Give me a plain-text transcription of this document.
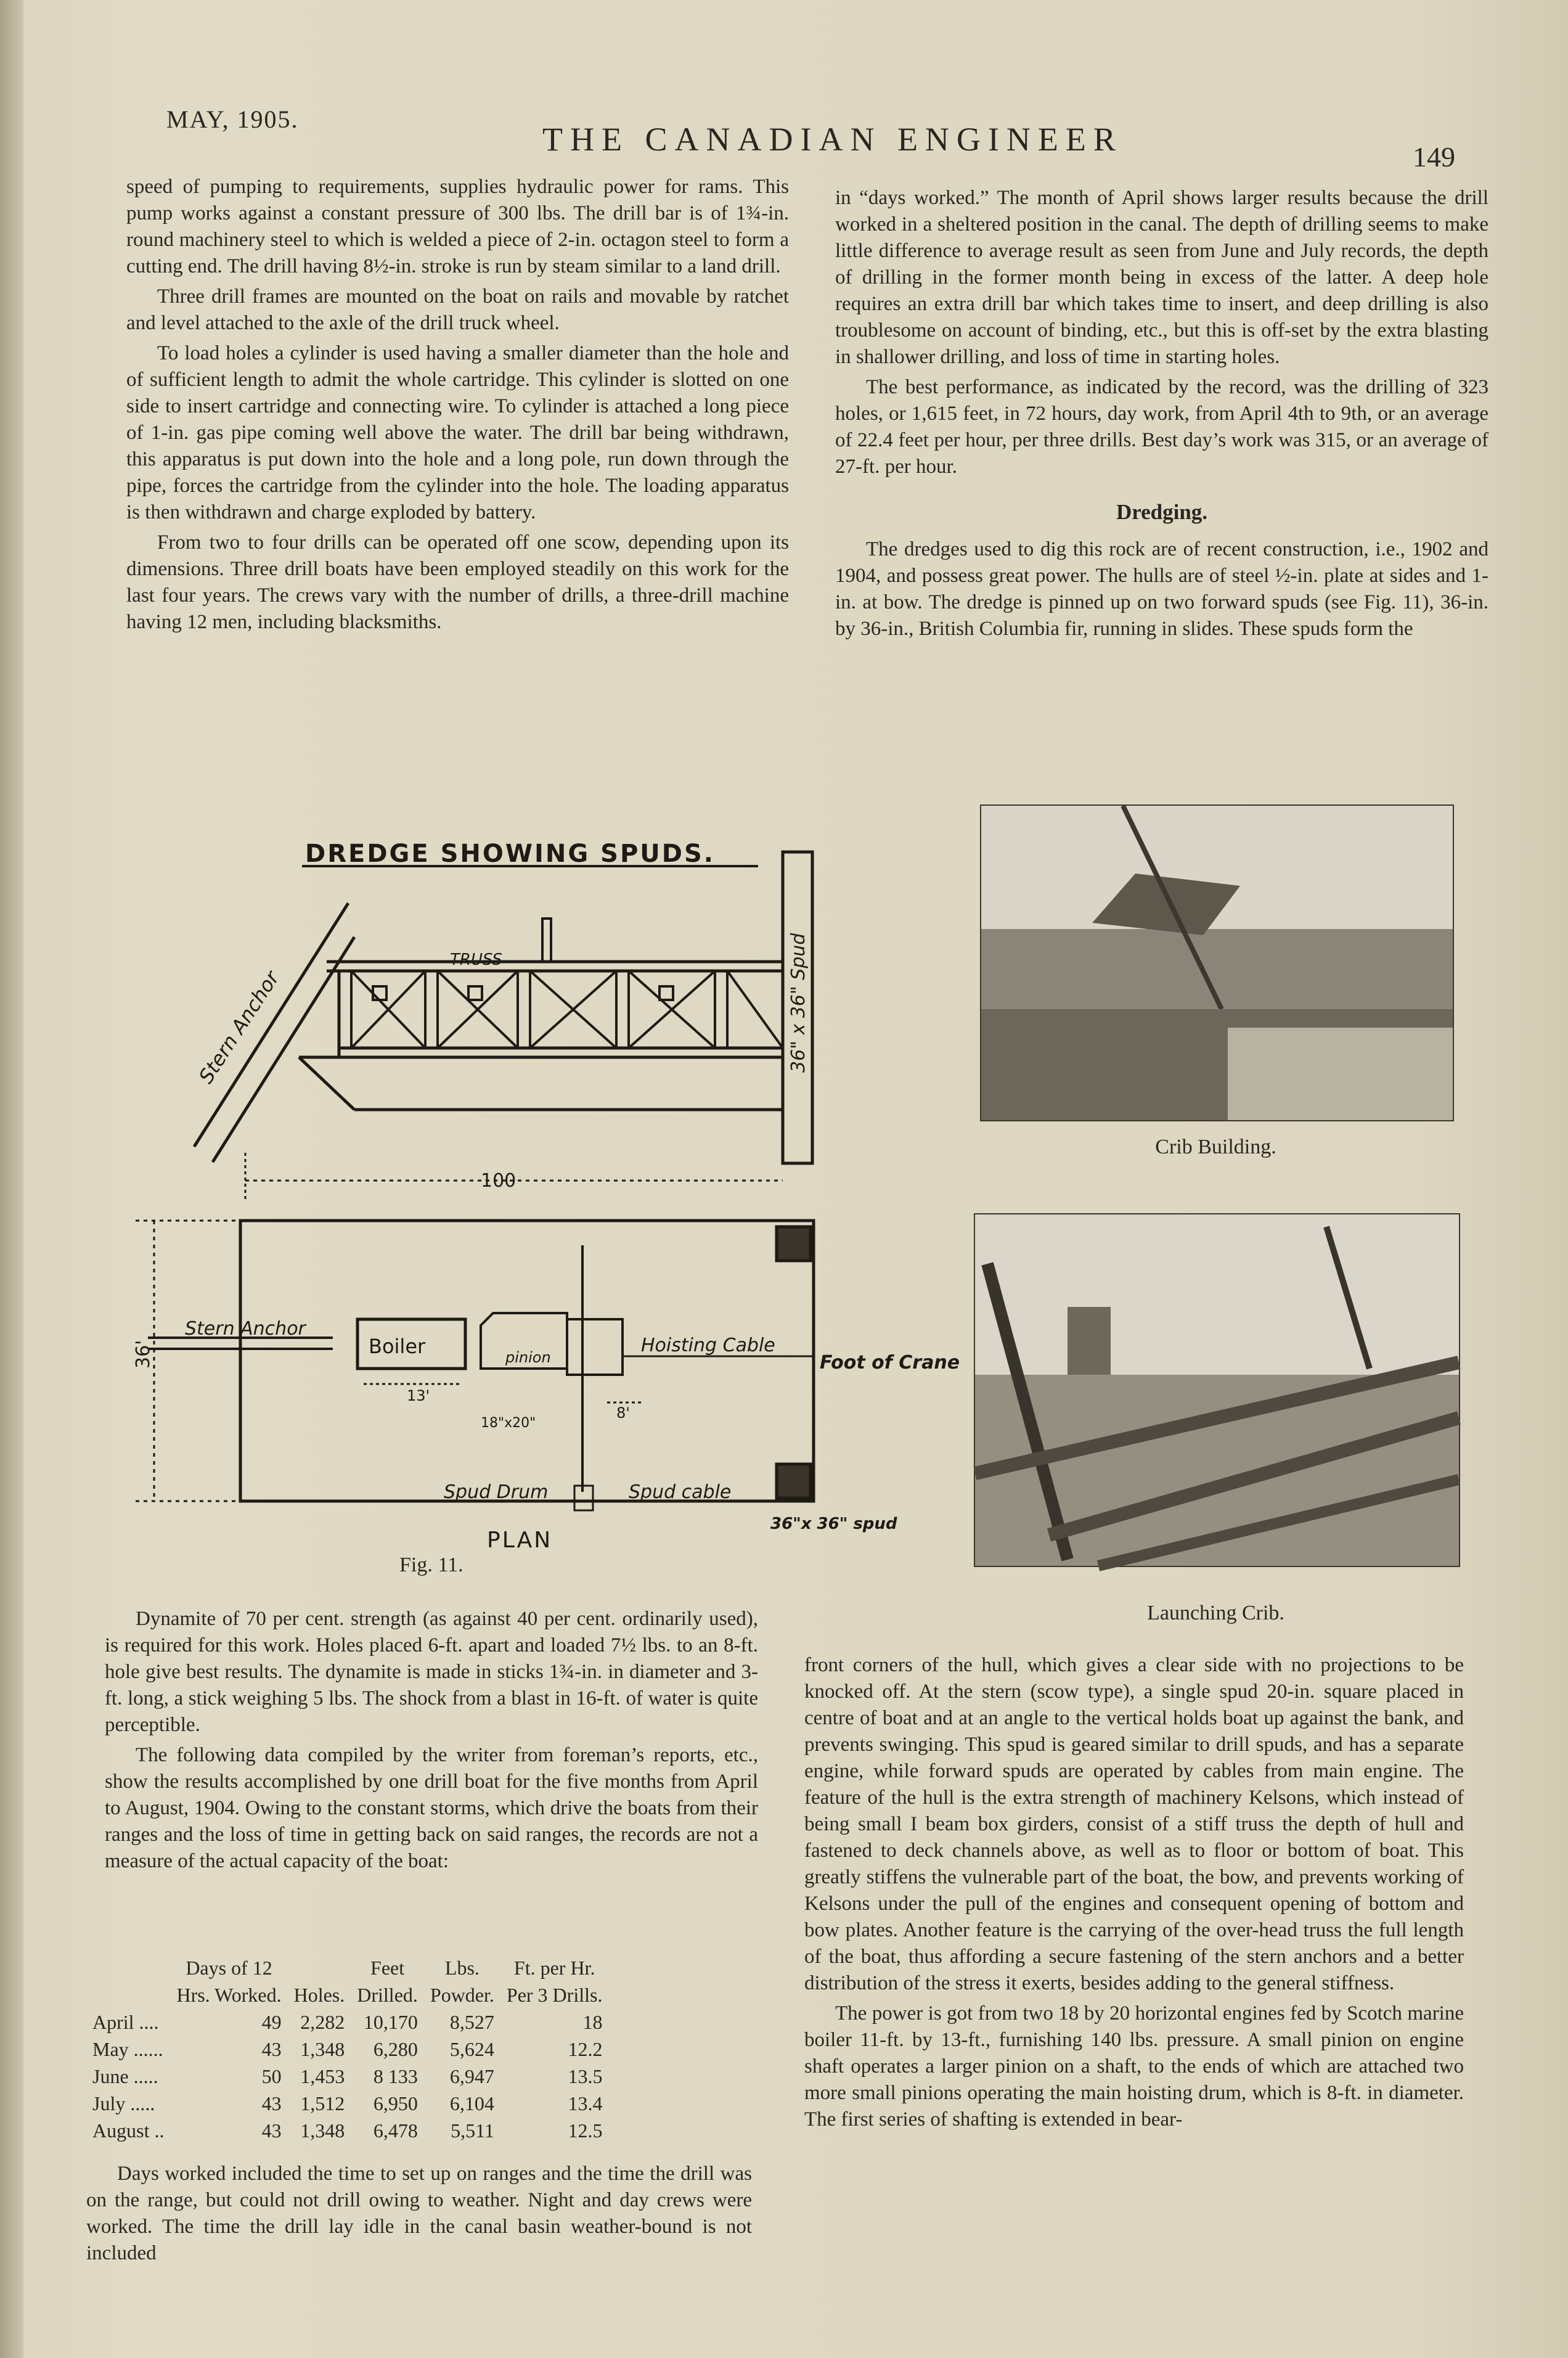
MAY, 1905.
THE CANADIAN ENGINEER	149

speed of pumping to requirements, supplies hydraulic power for rams. This pump works against a constant pressure of 300 lbs. The drill bar is of 1¾-in. round machinery steel to which is welded a piece of 2-in. octagon steel to form a cutting end. The drill having 8½-in. stroke is run by steam similar to a land drill.

Three drill frames are mounted on the boat on rails and movable by ratchet and level attached to the axle of the drill truck wheel.

To load holes a cylinder is used having a smaller diameter than the hole and of sufficient length to admit the whole cartridge. This cylinder is slotted on one side to insert cartridge and connecting wire. To cylinder is attached a long piece of 1-in. gas pipe coming well above the water. The drill bar being withdrawn, this apparatus is put down into the hole and a long pole, run down through the pipe, forces the cartridge from the cylinder into the hole. The loading apparatus is then withdrawn and charge exploded by battery.

From two to four drills can be operated off one scow, depending upon its dimensions. Three drill boats have been employed steadily on this work for the last four years. The crews vary with the number of drills, a three-drill machine having 12 men, including blacksmiths.

in “days worked.” The month of April shows larger results because the drill worked in a sheltered position in the canal. The depth of drilling seems to make little difference to average result as seen from June and July records, the depth of drilling in the former month being in excess of the latter. A deep hole requires an extra drill bar which takes time to insert, and deep drilling is also troublesome on account of binding, etc., but this is off-set by the extra blasting in shallower drilling, and loss of time in starting holes.

The best performance, as indicated by the record, was the drilling of 323 holes, or 1,615 feet, in 72 hours, day work, from April 4th to 9th, or an average of 22.4 feet per hour, per three drills. Best day’s work was 315, or an average of 27-ft. per hour.

Dredging.

The dredges used to dig this rock are of recent construction, i.e., 1902 and 1904, and possess great power. The hulls are of steel ½-in. plate at sides and 1-in. at bow. The dredge is pinned up on two forward spuds (see Fig. 11), 36-in. by 36-in., British Columbia fir, running in slides. These spuds form the

DREDGE SHOWING SPUDS.
TRUSS
Stern Anchor	36" x 36" Spud
100
36'
Stern Anchor
Boiler	pinion
Hoisting Cable
Foot of Crane
13'
18"x20"
8'
Spud Drum	Spud cable
36"x 36" spud
PLAN
Fig. 11.
Crib Building.
Launching Crib.

Dynamite of 70 per cent. strength (as against 40 per cent. ordinarily used), is required for this work. Holes placed 6-ft. apart and loaded 7½ lbs. to an 8-ft. hole give best results. The dynamite is made in sticks 1¾-in. in diameter and 3-ft. long, a stick weighing 5 lbs. The shock from a blast in 16-ft. of water is quite perceptible.

The following data compiled by the writer from foreman’s reports, etc., show the results accomplished by one drill boat for the five months from April to August, 1904. Owing to the constant storms, which drive the boats from their ranges and the loss of time in getting back on said ranges, the records are not a measure of the actual capacity of the boat:

	Days of 12		Feet	Lbs.	Ft. per Hr.
	Hrs. Worked.	Holes.	Drilled.	Powder.	Per 3 Drills.
April ....	49	2,282	10,170	8,527	18
May ......	43	1,348	6,280	5,624	12.2
June .....	50	1,453	8 133	6,947	13.5
July .....	43	1,512	6,950	6,104	13.4
August ..	43	1,348	6,478	5,511	12.5

Days worked included the time to set up on ranges and the time the drill was on the range, but could not drill owing to weather. Night and day crews were worked. The time the drill lay idle in the canal basin weather-bound is not included

front corners of the hull, which gives a clear side with no projections to be knocked off. At the stern (scow type), a single spud 20-in. square placed in centre of boat and at an angle to the vertical holds boat up against the bank, and prevents swinging. This spud is geared similar to drill spuds, and has a separate engine, while forward spuds are operated by cables from main engine. The feature of the hull is the extra strength of machinery Kelsons, which instead of being small I beam box girders, consist of a stiff truss the depth of hull and fastened to deck channels above, as well as to floor or bottom of boat. This greatly stiffens the vulnerable part of the boat, the bow, and prevents working of Kelsons under the pull of the engines and consequent opening of bottom and bow plates. Another feature is the carrying of the over-head truss the full length of the boat, thus affording a secure fastening of the stern anchors and a better distribution of the stress it exerts, besides adding to the general stiffness.

The power is got from two 18 by 20 horizontal engines fed by Scotch marine boiler 11-ft. by 13-ft., furnishing 140 lbs. pressure. A small pinion on engine shaft operates a larger pinion on a shaft, to the ends of which are attached two more small pinions operating the main hoisting drum, which is 8-ft. in diameter. The first series of shafting is extended in bear-
